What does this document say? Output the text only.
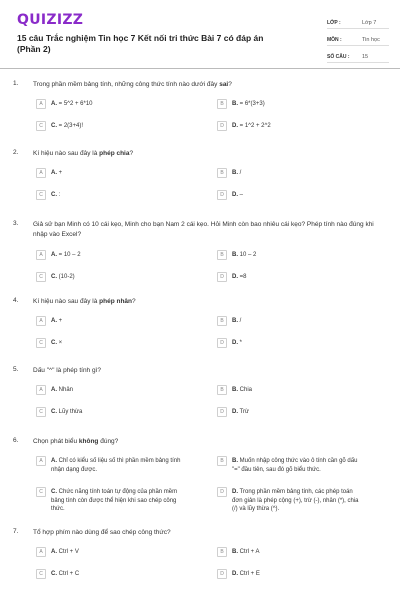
QUIZIZZ
15 câu Trắc nghiệm Tin học 7 Kết nối tri thức Bài 7 có đáp án (Phần 2)
LỚP :	Lớp 7
MÔN :	Tin học
SỐ CÂU :	15
1. Trong phần mềm bảng tính, những công thức tính nào dưới đây sai?
A	A. = 5^2 + 6*10	B	B. = 6*(3+3)
C	C. = 2(3+4)!	D	D. = 1^2 + 2^2
2. Kí hiệu nào sau đây là phép chia?
A	A. +	B	B. /
C	C. :	D	D. –
3. Giả sử bạn Minh có 10 cái kẹo, Minh cho bạn Nam 2 cái kẹo. Hỏi Minh còn bao nhiêu cái kẹo? Phép tính nào đúng khi nhập vào Excel?
A	A. = 10 – 2	B	B. 10 – 2
C	C. (10-2)	D	D. =8
4. Kí hiệu nào sau đây là phép nhân?
A	A. +	B	B. /
C	C. ×	D	D. *
5. Dấu "^" là phép tính gì?
A	A. Nhân	B	B. Chia
C	C. Lũy thừa	D	D. Trừ
6. Chọn phát biểu không đúng?
A	A. Chỉ có kiểu số liệu số thì phần mềm bảng tính nhận dạng được.
B	B. Muốn nhập công thức vào ô tính cần gõ dấu "=" đầu tiên, sau đó gõ biểu thức.
C	C. Chức năng tính toán tự động của phần mềm bảng tính còn được thể hiện khi sao chép công thức.
D	D. Trong phần mềm bảng tính, các phép toán đơn giản là phép cộng (+), trừ (-), nhân (*), chia (/) và lũy thừa (^).
7. Tổ hợp phím nào dùng để sao chép công thức?
A	A. Ctrl + V	B	B. Ctrl + A
C	C. Ctrl + C	D	D. Ctrl + E
